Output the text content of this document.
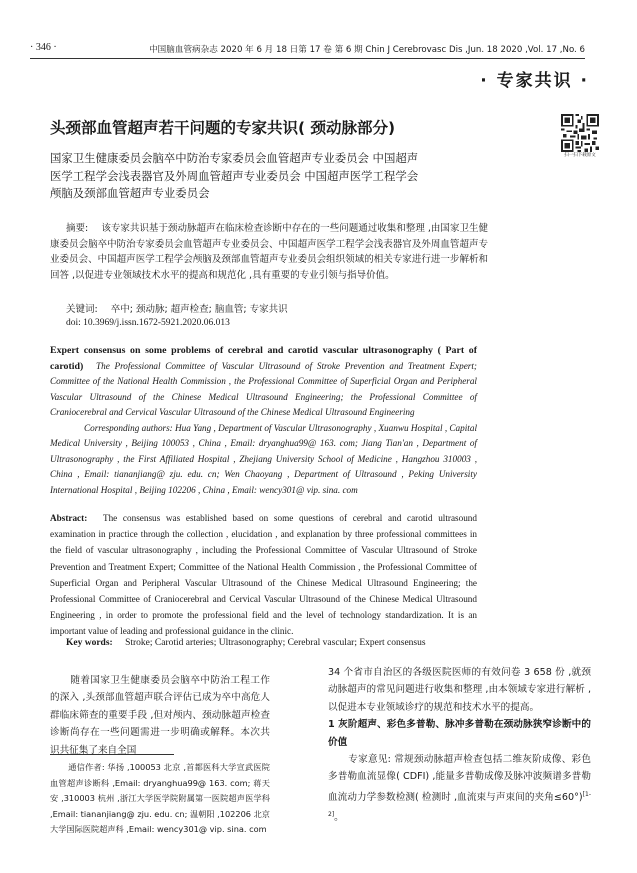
· 346 ·	中国脑血管病杂志 2020 年 6 月 18 日第 17 卷 第 6 期 Chin J Cerebrovasc Dis ,Jun. 18 2020 ,Vol. 17 ,No. 6
· 专家共识 ·
头颈部血管超声若干问题的专家共识( 颈动脉部分)
扫一扫下载原文
国家卫生健康委员会脑卒中防治专家委员会血管超声专业委员会 中国超声
医学工程学会浅表器官及外周血管超声专业委员会 中国超声医学工程学会
颅脑及颈部血管超声专业委员会
摘要: 该专家共识基于颈动脉超声在临床检查诊断中存在的一些问题通过收集和整理 ,由国家卫生健康委员会脑卒中防治专家委员会血管超声专业委员会、中国超声医学工程学会浅表器官及外周血管超声专业委员会、中国超声医学工程学会颅脑及颈部血管超声专业委员会组织领域的相关专家进行进一步解析和回答 ,以促进专业领域技术水平的提高和规范化 ,具有重要的专业引领与指导价值。
关键词: 卒中; 颈动脉; 超声检查; 脑血管; 专家共识
doi: 10.3969/j.issn.1672-5921.2020.06.013
Expert consensus on some problems of cerebral and carotid vascular ultrasonography ( Part of carotid) The Professional Committee of Vascular Ultrasound of Stroke Prevention and Treatment Expert; Committee of the National Health Commission , the Professional Committee of Superficial Organ and Peripheral Vascular Ultrasound of the Chinese Medical Ultrasound Engineering; the Professional Committee of Craniocerebral and Cervical Vascular Ultrasound of the Chinese Medical Ultrasound Engineering
Corresponding authors: Hua Yang , Department of Vascular Ultrasonography , Xuanwu Hospital , Capital Medical University , Beijing 100053 , China , Email: dryanghua99@ 163. com; Jiang Tian'an , Department of Ultrasonography , the First Affiliated Hospital , Zhejiang University School of Medicine , Hangzhou 310003 , China , Email: tiananjiang@ zju. edu. cn; Wen Chaoyang , Department of Ultrasound , Peking University International Hospital , Beijing 102206 , China , Email: wency301@ vip. sina. com
Abstract: The consensus was established based on some questions of cerebral and carotid ultrasound examination in practice through the collection , elucidation , and explanation by three professional committees in the field of vascular ultrasonography , including the Professional Committee of Vascular Ultrasound of Stroke Prevention and Treatment Expert; Committee of the National Health Commission , the Professional Committee of Superficial Organ and Peripheral Vascular Ultrasound of the Chinese Medical Ultrasound Engineering; the Professional Committee of Craniocerebral and Cervical Vascular Ultrasound of the Chinese Medical Ultrasound Engineering , in order to promote the professional field and the level of technology standardization. It is an important value of leading and professional guidance in the clinic.
Key words: Stroke; Carotid arteries; Ultrasonography; Cerebral vascular; Expert consensus
随着国家卫生健康委员会脑卒中防治工程工作的深入 ,头颈部血管超声联合评估已成为卒中高危人群临床筛查的重要手段 ,但对颅内、颈动脉超声检查诊断尚存在一些问题需进一步明确或解释。本次共识共征集了来自全国
通信作者: 华扬 ,100053 北京 ,首都医科大学宣武医院血管超声诊断科 ,Email: dryanghua99@ 163. com; 蒋天安 ,310003 杭州 ,浙江大学医学院附属第一医院超声医学科 ,Email: tiananjiang@ zju. edu. cn; 温朝阳 ,102206 北京大学国际医院超声科 ,Email: wency301@ vip. sina. com
34 个省市自治区的各级医院医师的有效问卷 3 658 份 ,就颈动脉超声的常见问题进行收集和整理 ,由本领域专家进行解析 ,以促进本专业领域诊疗的规范和技术水平的提高。
1 灰阶超声、彩色多普勒、脉冲多普勒在颈动脉狭窄诊断中的价值
专家意见: 常规颈动脉超声检查包括二维灰阶成像、彩色多普勒血流显像( CDFI) ,能量多普勒成像及脉冲波频谱多普勒血流动力学参数检测( 检测时 ,血流束与声束间的夹角≤60°)[1-2]。
